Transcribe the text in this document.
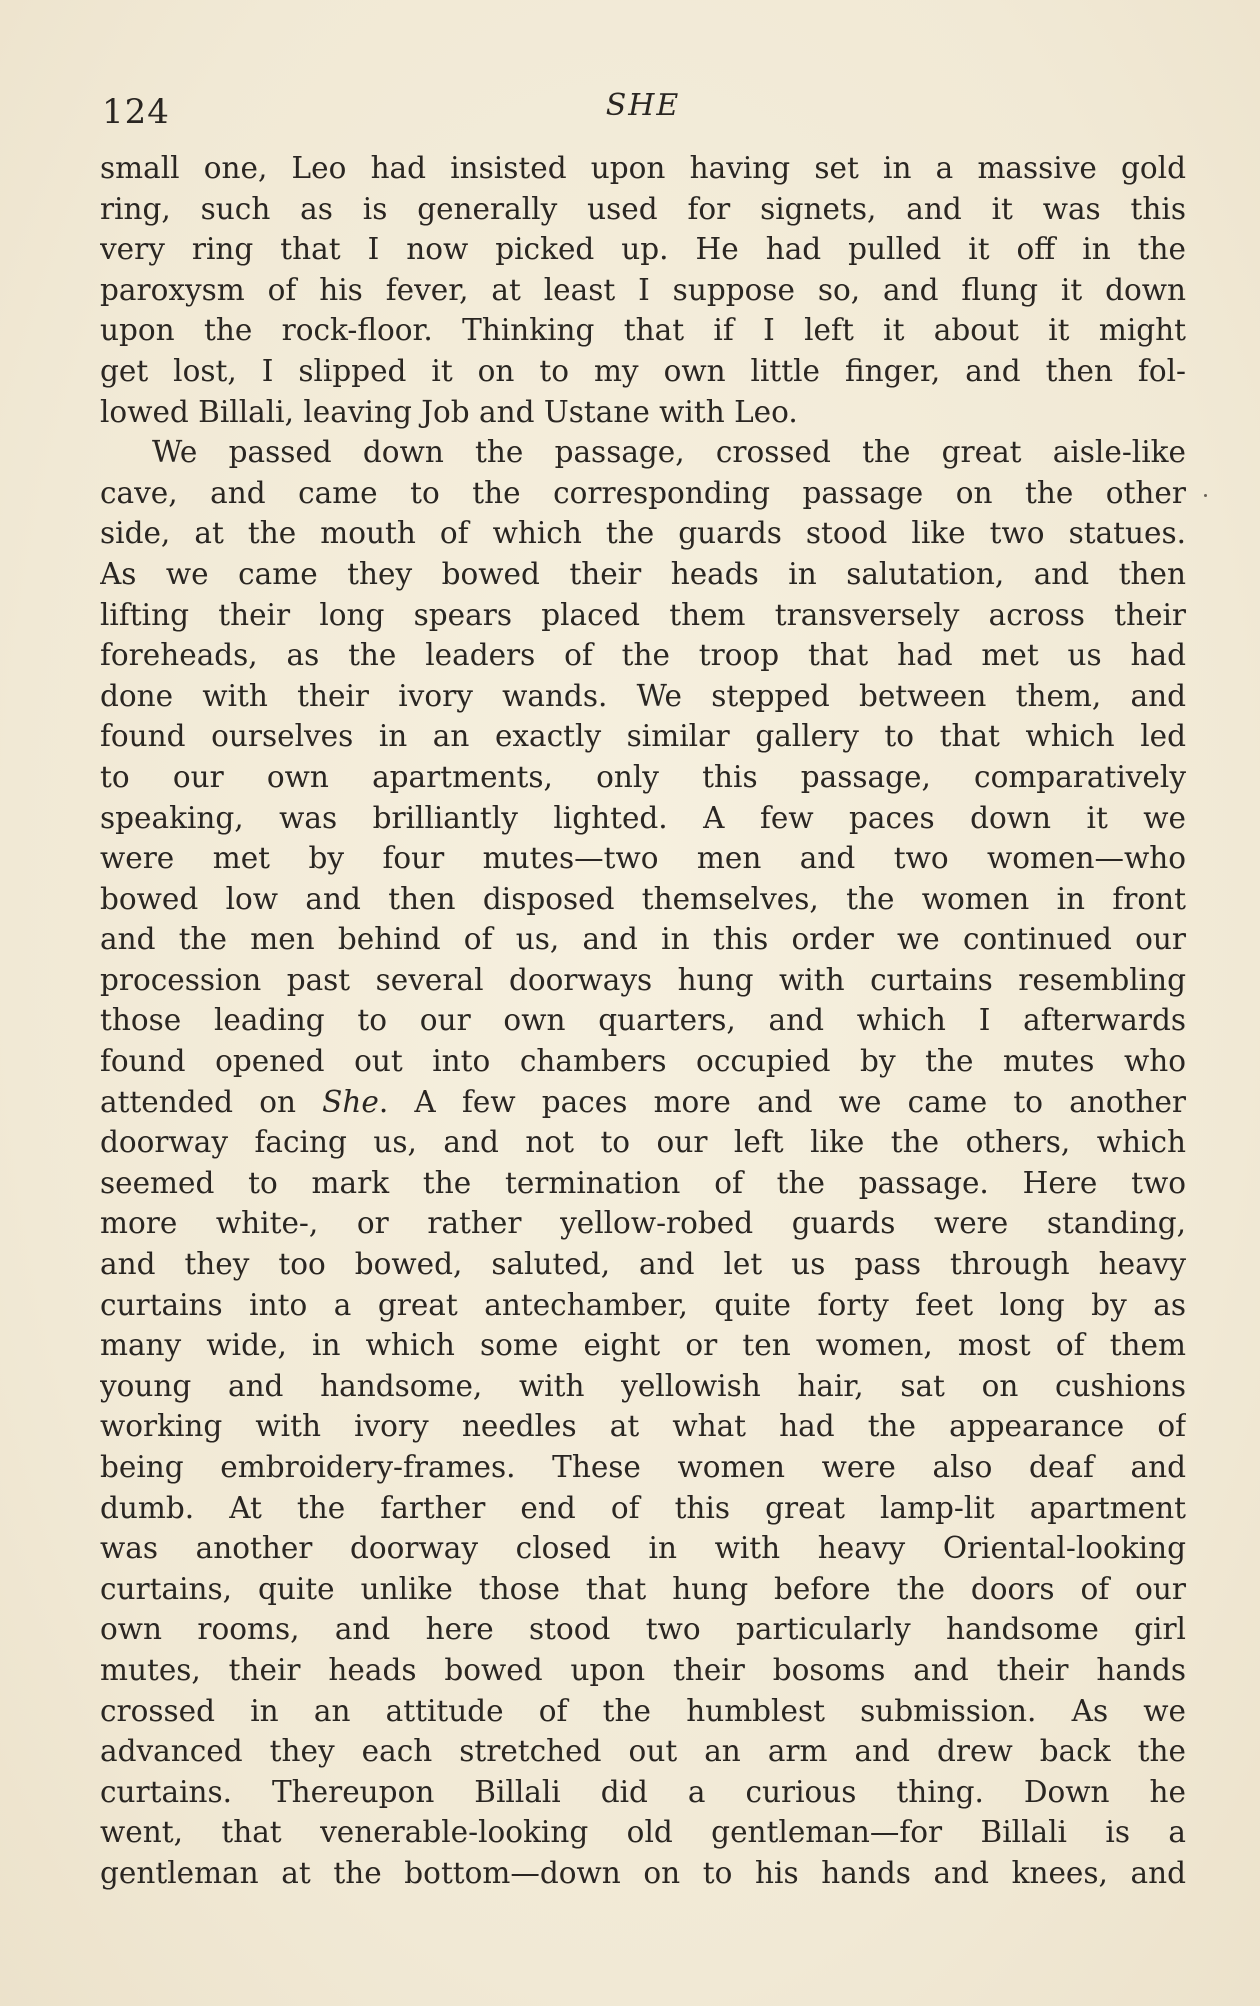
124	SHE
small one, Leo had insisted upon having set in a massive gold
ring, such as is generally used for signets, and it was this
very ring that I now picked up. He had pulled it off in the
paroxysm of his fever, at least I suppose so, and flung it down
upon the rock-floor. Thinking that if I left it about it might
get lost, I slipped it on to my own little finger, and then fol-
lowed Billali, leaving Job and Ustane with Leo.
We passed down the passage, crossed the great aisle-like
cave, and came to the corresponding passage on the other
side, at the mouth of which the guards stood like two statues.
As we came they bowed their heads in salutation, and then
lifting their long spears placed them transversely across their
foreheads, as the leaders of the troop that had met us had
done with their ivory wands. We stepped between them, and
found ourselves in an exactly similar gallery to that which led
to our own apartments, only this passage, comparatively
speaking, was brilliantly lighted. A few paces down it we
were met by four mutes—two men and two women—who
bowed low and then disposed themselves, the women in front
and the men behind of us, and in this order we continued our
procession past several doorways hung with curtains resembling
those leading to our own quarters, and which I afterwards
found opened out into chambers occupied by the mutes who
attended on She. A few paces more and we came to another
doorway facing us, and not to our left like the others, which
seemed to mark the termination of the passage. Here two
more white-, or rather yellow-robed guards were standing,
and they too bowed, saluted, and let us pass through heavy
curtains into a great antechamber, quite forty feet long by as
many wide, in which some eight or ten women, most of them
young and handsome, with yellowish hair, sat on cushions
working with ivory needles at what had the appearance of
being embroidery-frames. These women were also deaf and
dumb. At the farther end of this great lamp-lit apartment
was another doorway closed in with heavy Oriental-looking
curtains, quite unlike those that hung before the doors of our
own rooms, and here stood two particularly handsome girl
mutes, their heads bowed upon their bosoms and their hands
crossed in an attitude of the humblest submission. As we
advanced they each stretched out an arm and drew back the
curtains. Thereupon Billali did a curious thing. Down he
went, that venerable-looking old gentleman—for Billali is a
gentleman at the bottom—down on to his hands and knees, and
